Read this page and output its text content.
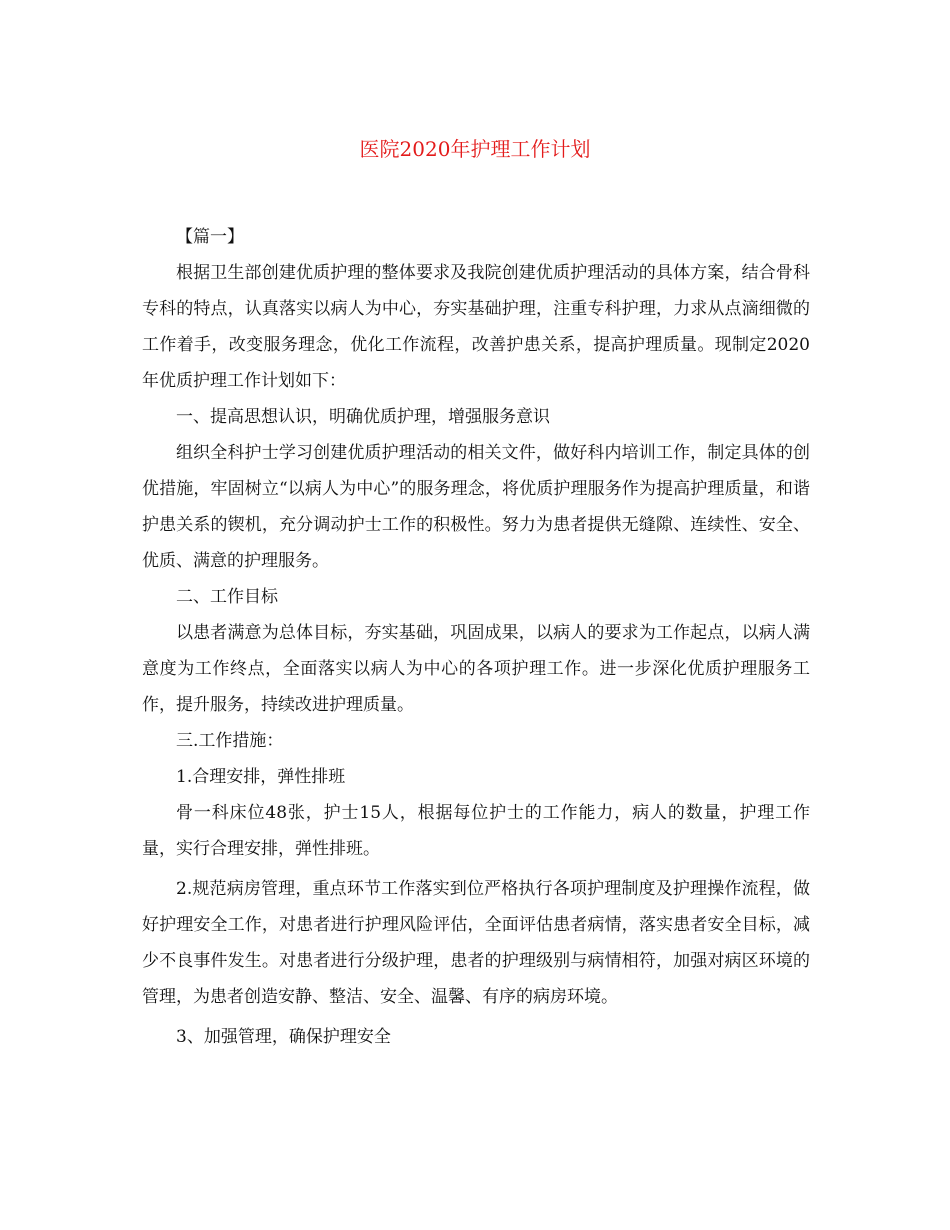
医院2020年护理工作计划

【篇一】

根据卫生部创建优质护理的整体要求及我院创建优质护理活动的具体方案，结合骨科专科的特点，认真落实以病人为中心，夯实基础护理，注重专科护理，力求从点滴细微的工作着手，改变服务理念，优化工作流程，改善护患关系，提高护理质量。现制定2020年优质护理工作计划如下：

一、提高思想认识，明确优质护理，增强服务意识

组织全科护士学习创建优质护理活动的相关文件，做好科内培训工作，制定具体的创优措施，牢固树立“以病人为中心”的服务理念，将优质护理服务作为提高护理质量，和谐护患关系的锲机，充分调动护士工作的积极性。努力为患者提供无缝隙、连续性、安全、优质、满意的护理服务。

二、工作目标

以患者满意为总体目标，夯实基础，巩固成果，以病人的要求为工作起点，以病人满意度为工作终点，全面落实以病人为中心的各项护理工作。进一步深化优质护理服务工作，提升服务，持续改进护理质量。

三.工作措施：

1.合理安排，弹性排班

骨一科床位48张，护士15人，根据每位护士的工作能力，病人的数量，护理工作量，实行合理安排，弹性排班。

2.规范病房管理，重点环节工作落实到位严格执行各项护理制度及护理操作流程，做好护理安全工作，对患者进行护理风险评估，全面评估患者病情，落实患者安全目标，减少不良事件发生。对患者进行分级护理，患者的护理级别与病情相符，加强对病区环境的管理，为患者创造安静、整洁、安全、温馨、有序的病房环境。

3、加强管理，确保护理安全
